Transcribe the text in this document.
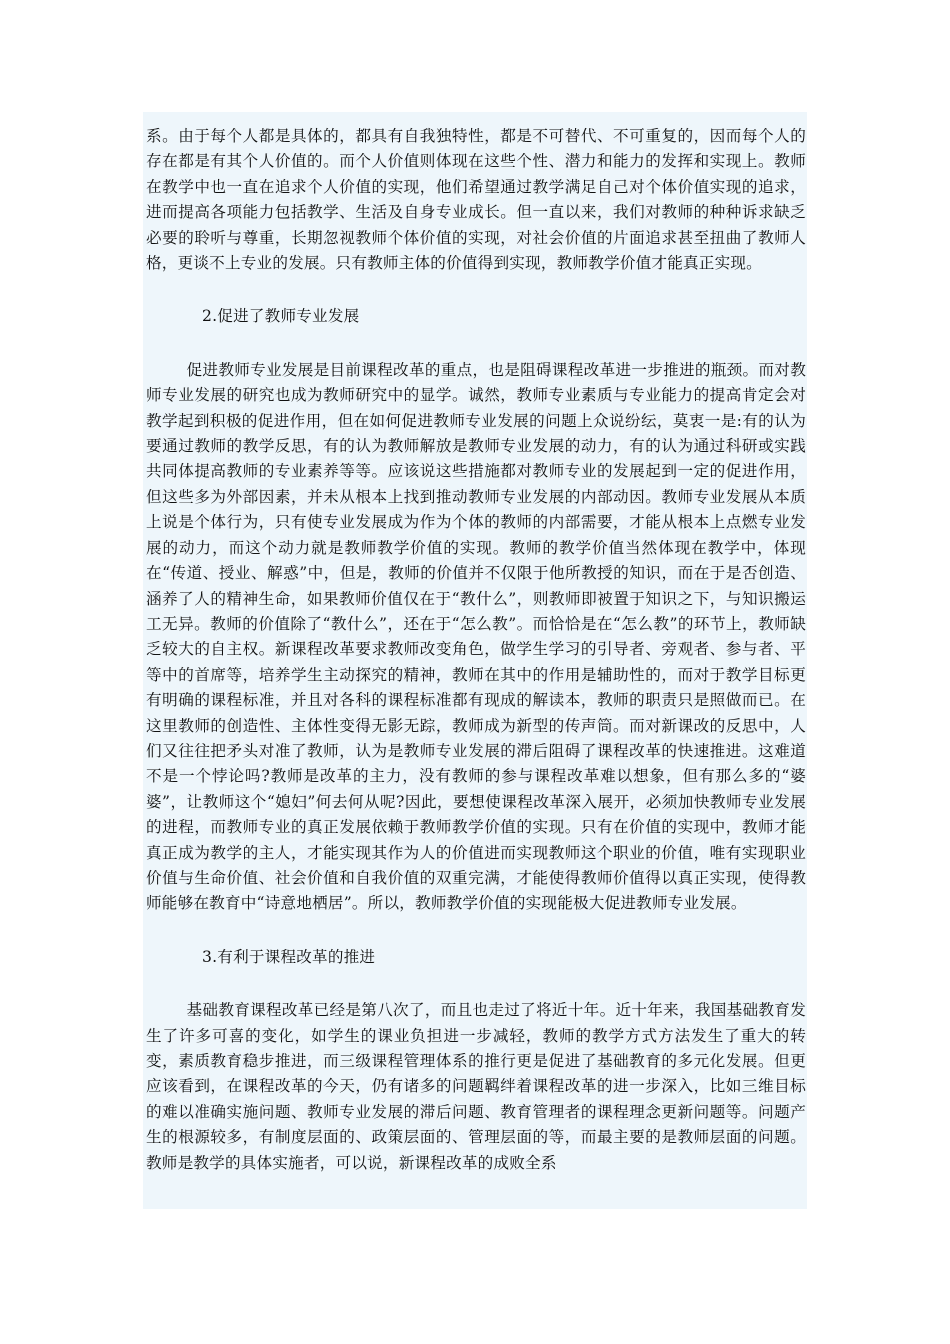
系。由于每个人都是具体的，都具有自我独特性，都是不可替代、不可重复的，因而每个人的存在都是有其个人价值的。而个人价值则体现在这些个性、潜力和能力的发挥和实现上。教师在教学中也一直在追求个人价值的实现，他们希望通过教学满足自己对个体价值实现的追求，进而提高各项能力包括教学、生活及自身专业成长。但一直以来，我们对教师的种种诉求缺乏必要的聆听与尊重，长期忽视教师个体价值的实现，对社会价值的片面追求甚至扭曲了教师人格，更谈不上专业的发展。只有教师主体的价值得到实现，教师教学价值才能真正实现。

2.促进了教师专业发展

促进教师专业发展是目前课程改革的重点，也是阻碍课程改革进一步推进的瓶颈。而对教师专业发展的研究也成为教师研究中的显学。诚然，教师专业素质与专业能力的提高肯定会对教学起到积极的促进作用，但在如何促进教师专业发展的问题上众说纷纭，莫衷一是:有的认为要通过教师的教学反思，有的认为教师解放是教师专业发展的动力，有的认为通过科研或实践共同体提高教师的专业素养等等。应该说这些措施都对教师专业的发展起到一定的促进作用，但这些多为外部因素，并未从根本上找到推动教师专业发展的内部动因。教师专业发展从本质上说是个体行为，只有使专业发展成为作为个体的教师的内部需要，才能从根本上点燃专业发展的动力，而这个动力就是教师教学价值的实现。教师的教学价值当然体现在教学中，体现在“传道、授业、解惑”中，但是，教师的价值并不仅限于他所教授的知识，而在于是否创造、涵养了人的精神生命，如果教师价值仅在于“教什么”，则教师即被置于知识之下，与知识搬运工无异。教师的价值除了“教什么”，还在于“怎么教”。而恰恰是在“怎么教”的环节上，教师缺乏较大的自主权。新课程改革要求教师改变角色，做学生学习的引导者、旁观者、参与者、平等中的首席等，培养学生主动探究的精神，教师在其中的作用是辅助性的，而对于教学目标更有明确的课程标准，并且对各科的课程标准都有现成的解读本，教师的职责只是照做而已。在这里教师的创造性、主体性变得无影无踪，教师成为新型的传声筒。而对新课改的反思中，人们又往往把矛头对准了教师，认为是教师专业发展的滞后阻碍了课程改革的快速推进。这难道不是一个悖论吗?教师是改革的主力，没有教师的参与课程改革难以想象，但有那么多的“婆婆”，让教师这个“媳妇”何去何从呢?因此，要想使课程改革深入展开，必须加快教师专业发展的进程，而教师专业的真正发展依赖于教师教学价值的实现。只有在价值的实现中，教师才能真正成为教学的主人，才能实现其作为人的价值进而实现教师这个职业的价值，唯有实现职业价值与生命价值、社会价值和自我价值的双重完满，才能使得教师价值得以真正实现，使得教师能够在教育中“诗意地栖居”。所以，教师教学价值的实现能极大促进教师专业发展。

3.有利于课程改革的推进

基础教育课程改革已经是第八次了，而且也走过了将近十年。近十年来，我国基础教育发生了许多可喜的变化，如学生的课业负担进一步减轻，教师的教学方式方法发生了重大的转变，素质教育稳步推进，而三级课程管理体系的推行更是促进了基础教育的多元化发展。但更应该看到，在课程改革的今天，仍有诸多的问题羁绊着课程改革的进一步深入，比如三维目标的难以准确实施问题、教师专业发展的滞后问题、教育管理者的课程理念更新问题等。问题产生的根源较多，有制度层面的、政策层面的、管理层面的等，而最主要的是教师层面的问题。教师是教学的具体实施者，可以说，新课程改革的成败全系
